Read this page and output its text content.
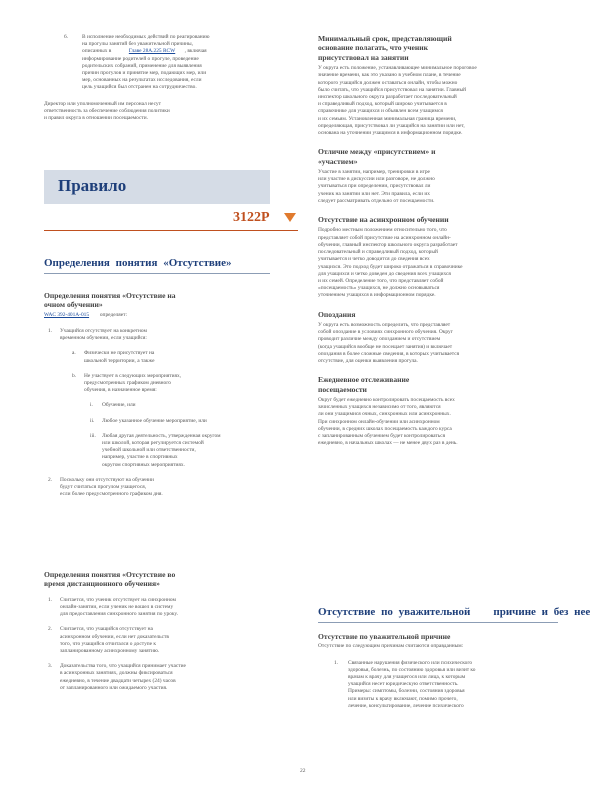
6.	В исполнение необходимых действий по реагированию

на прогулы занятий без уважительной причины,

описанных в	Главе 28А.225 RCW , включая

информирование родителей о прогуле, проведение

родительских собраний, применение для выявления

причин прогулов и принятие мер, подающих мер, или

мер, основанных на результатах исследования, если

цель учащийся был отстранен на сотрудничество.

Директор или уполномоченный им персонал несут

ответственность за обеспечение соблюдения политики

и правил округа в отношении посещаемости.

Правило
3122Р
Определения понятия «Отсутствие»

Определения понятия «Отсутствие на

очном обучении»

WAC 392-401A-015 определяет:

1. Учащийся отсутствует на конкретном

временном обучении, если учащийся:

a. Физически не присутствует на

школьной территории, а также

b. Не участвует в следующих мероприятиях,

предусмотренных графиком дневного

обучения, в назначенное время:

i. Обучение, или

ii. Любое указанное обучение мероприятие, или

iii. Любая другая деятельность, утвержденная округом

или школой, которая регулируется системой

учебной школьной или ответственности,

например, участие в спортивных

округом спортивных мероприятиях.

2. Поскольку они отсутствуют на обучении

будут считаться прогулом учащегося,

если более предусмотренного графиком дня.

Определения понятия «Отсутствие во

время дистанционного обучения»

1. Считается, что ученик отсутствует на синхронном

онлайн-занятии, если ученик не вошел в систему

для предоставления синхронного занятия по уроку.

2. Считается, что учащийся отсутствует на

асинхронном обучении, если нет доказательств

того, что учащийся отчитался о доступе к

запланированному асинхронному занятию.

3. Доказательства того, что учащийся принимает участие

в асинхронных занятиях, должны фиксироваться

ежедневно, в течение двадцати четырех (24) часов

от запланированного или ожидаемого участия.

Минимальный срок, представляющий

основание полагать, что ученик

присутствовал на занятии

У округа есть положение, устанавливающее минимальное пороговое

значение времени, как это указано в учебном плане, в течение

которого учащийся должен оставаться онлайн, чтобы можно

было считать, что учащийся присутствовал на занятии. Главный

инспектор школьного округа разработает последовательный

и справедливый подход, который широко учитывается в

справочнике для учащихся и объявлен всем учащимся

и их семьям. Установленная минимальная граница времени,

определяющая, присутствовал ли учащийся на занятии или нет,

основана на уточнении учащимся в информационном порядке.

Отличие между «присутствием» и

«участием»

Участие в занятии, например, тренировки в игре

или участие в дискуссии или разговоре, не должно

учитываться при определении, присутствовал ли

ученик на занятии или нет. Эти правила, если их

следует рассматривать отдельно от посещаемости.

Отсутствие на асинхронном обучении

Подробно местным положением относительно того, что

представляет собой присутствие на асинхронном онлайн-

обучении, главный инспектор школьного округа разработает

последовательный и справедливый подход, который

учитывается и четко доводится до сведения всех

учащихся. Это подход будет широко отражаться в справочнике

для учащихся и четко доведен до сведения всех учащихся

и их семей. Определение того, что представляет собой

«посещаемость» учащихся, не должно основываться

уточнением учащихся в информационном порядке.

Опоздания

У округа есть возможность определить, что представляет

собой опоздание в условиях синхронного обучения. Округ

проводит различие между опозданием и отсутствием

(когда учащийся вообще не посещает занятия) и включает

опоздания в более сложные сведения, в которых учитывается

отсутствие, для оценки выявления прогула.

Ежедневное отслеживание

посещаемости

Округ будет ежедневно контролировать посещаемость всех

зачисленных учащихся независимо от того, являются

ли они учащимися очных, синхронных или асинхронных.

При синхронном онлайн-обучении или асинхронном

обучении, в средних школах посещаемость каждого курса

с запланированным обучением будет контролироваться

ежедневно, в начальных школах — не менее двух раз в день.

Отсутствие по уважительной причине и без нее

Отсутствие по уважительной причине

Отсутствие по следующим причинам считаются оправданным:

1. Связанные нарушения физического или психического

здоровья, болезнь, по состоянию здоровья или визит ко

врачам к врачу для учащегося или лица, к которым

учащийся несет юридическую ответственность.

Примеры: симптомы, болезни, состояния здоровья

или визиты к врачу включают, помимо прочего,

лечение, консультирование, лечение психического

22
